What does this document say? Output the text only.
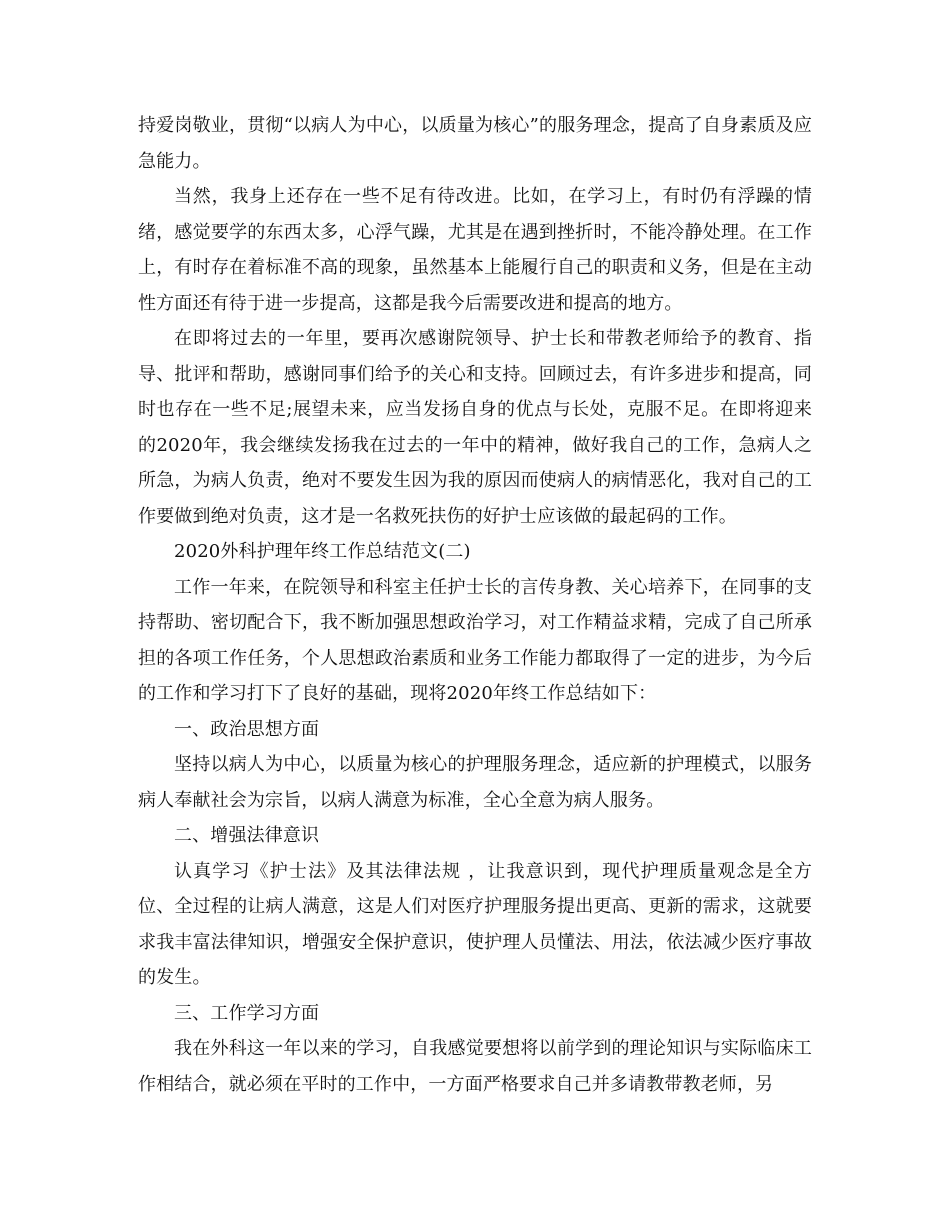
持爱岗敬业，贯彻“以病人为中心，以质量为核心”的服务理念，提高了自身素质及应急能力。

当然，我身上还存在一些不足有待改进。比如，在学习上，有时仍有浮躁的情绪，感觉要学的东西太多，心浮气躁，尤其是在遇到挫折时，不能冷静处理。在工作上，有时存在着标准不高的现象，虽然基本上能履行自己的职责和义务，但是在主动性方面还有待于进一步提高，这都是我今后需要改进和提高的地方。

在即将过去的一年里，要再次感谢院领导、护士长和带教老师给予的教育、指导、批评和帮助，感谢同事们给予的关心和支持。回顾过去，有许多进步和提高，同时也存在一些不足;展望未来，应当发扬自身的优点与长处，克服不足。在即将迎来的2020年，我会继续发扬我在过去的一年中的精神，做好我自己的工作，急病人之所急，为病人负责，绝对不要发生因为我的原因而使病人的病情恶化，我对自己的工作要做到绝对负责，这才是一名救死扶伤的好护士应该做的最起码的工作。

2020外科护理年终工作总结范文(二)

工作一年来，在院领导和科室主任护士长的言传身教、关心培养下，在同事的支持帮助、密切配合下，我不断加强思想政治学习，对工作精益求精，完成了自己所承担的各项工作任务，个人思想政治素质和业务工作能力都取得了一定的进步，为今后的工作和学习打下了良好的基础，现将2020年终工作总结如下：

一、政治思想方面

坚持以病人为中心，以质量为核心的护理服务理念，适应新的护理模式，以服务病人奉献社会为宗旨，以病人满意为标准，全心全意为病人服务。

二、增强法律意识

认真学习《护士法》及其法律法规 ，让我意识到，现代护理质量观念是全方位、全过程的让病人满意，这是人们对医疗护理服务提出更高、更新的需求，这就要求我丰富法律知识，增强安全保护意识，使护理人员懂法、用法，依法减少医疗事故的发生。

三、工作学习方面

我在外科这一年以来的学习，自我感觉要想将以前学到的理论知识与实际临床工作相结合，就必须在平时的工作中，一方面严格要求自己并多请教带教老师，另
